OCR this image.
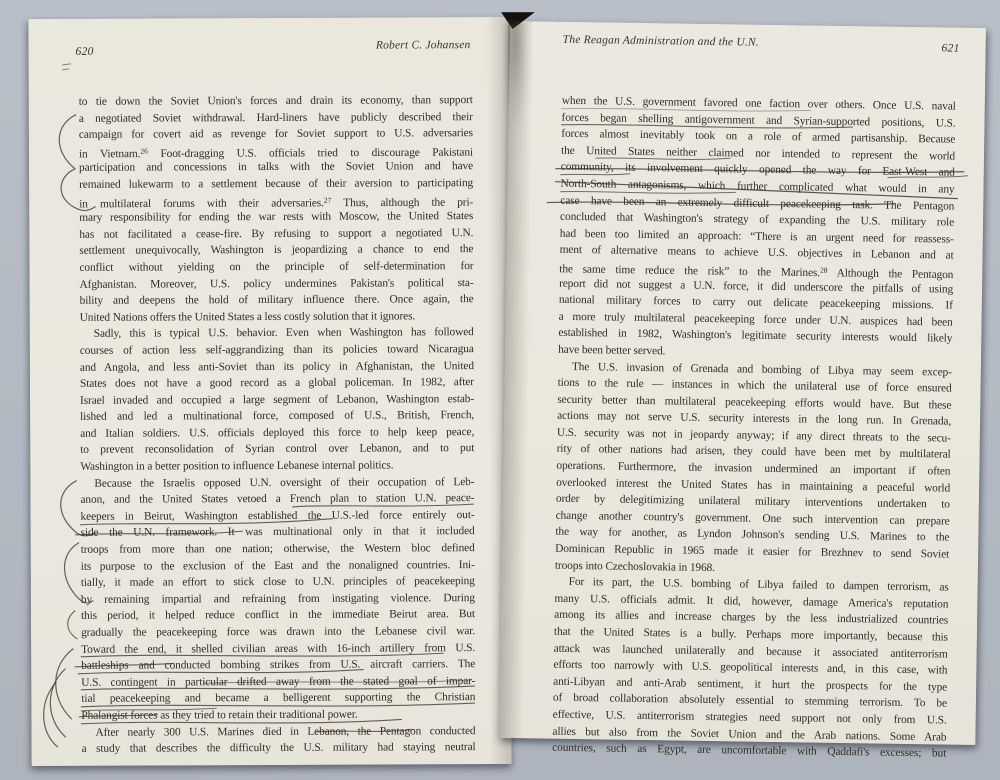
620
Robert C. Johansen
to tie down the Soviet Union's forces and drain its economy, than support
a negotiated Soviet withdrawal. Hard-liners have publicly described their
campaign for covert aid as revenge for Soviet support to U.S. adversaries
in Vietnam.$^{26}$ Foot-dragging U.S. officials tried to discourage Pakistani
participation and concessions in talks with the Soviet Union and have
remained lukewarm to a settlement because of their aversion to participating
in multilateral forums with their adversaries.$^{27}$ Thus, although the pri-
mary responsibility for ending the war rests with Moscow, the United States
has not facilitated a cease-fire. By refusing to support a negotiated U.N.
settlement unequivocally, Washington is jeopardizing a chance to end the
conflict without yielding on the principle of self-determination for
Afghanistan. Moreover, U.S. policy undermines Pakistan's political sta-
bility and deepens the hold of military influence there. Once again, the
United Nations offers the United States a less costly solution that it ignores.
Sadly, this is typical U.S. behavior. Even when Washington has followed
courses of action less self-aggrandizing than its policies toward Nicaragua
and Angola, and less anti-Soviet than its policy in Afghanistan, the United
States does not have a good record as a global policeman. In 1982, after
Israel invaded and occupied a large segment of Lebanon, Washington estab-
lished and led a multinational force, composed of U.S., British, French,
and Italian soldiers. U.S. officials deployed this force to help keep peace,
to prevent reconsolidation of Syrian control over Lebanon, and to put
Washington in a better position to influence Lebanese internal politics.
Because the Israelis opposed U.N. oversight of their occupation of Leb-
anon, and the United States vetoed a French plan to station U.N. peace-
keepers in Beirut, Washington established the U.S.-led force entirely out-
side the U.N. framework. It was multinational only in that it included
troops from more than one nation; otherwise, the Western bloc defined
its purpose to the exclusion of the East and the nonaligned countries. Ini-
tially, it made an effort to stick close to U.N. principles of peacekeeping
by remaining impartial and refraining from instigating violence. During
this period, it helped reduce conflict in the immediate Beirut area. But
gradually the peacekeeping force was drawn into the Lebanese civil war.
Toward the end, it shelled civilian areas with 16-inch artillery from U.S.
battleships and conducted bombing strikes from U.S. aircraft carriers. The
U.S. contingent in particular drifted away from the stated goal of impar-
tial peacekeeping and became a belligerent supporting the Christian
Phalangist forces as they tried to retain their traditional power.
After nearly 300 U.S. Marines died in Lebanon, the Pentagon conducted
a study that describes the difficulty the U.S. military had staying neutral
The Reagan Administration and the U.N.	621
when the U.S. government favored one faction over others. Once U.S. naval
forces began shelling antigovernment and Syrian-supported positions, U.S.
forces almost inevitably took on a role of armed partisanship. Because
the United States neither claimed nor intended to represent the world
community, its involvement quickly opened the way for East-West and
North-South antagonisms, which further complicated what would in any
case have been an extremely difficult peacekeeping task. The Pentagon
concluded that Washington's strategy of expanding the U.S. military role
had been too limited an approach: “There is an urgent need for reassess-
ment of alternative means to achieve U.S. objectives in Lebanon and at
the same time reduce the risk” to the Marines.$^{28}$ Although the Pentagon
report did not suggest a U.N. force, it did underscore the pitfalls of using
national military forces to carry out delicate peacekeeping missions. If
a more truly multilateral peacekeeping force under U.N. auspices had been
established in 1982, Washington's legitimate security interests would likely
have been better served.
The U.S. invasion of Grenada and bombing of Libya may seem excep-
tions to the rule — instances in which the unilateral use of force ensured
security better than multilateral peacekeeping efforts would have. But these
actions may not serve U.S. security interests in the long run. In Grenada,
U.S. security was not in jeopardy anyway; if any direct threats to the secu-
rity of other nations had arisen, they could have been met by multilateral
operations. Furthermore, the invasion undermined an important if often
overlooked interest the United States has in maintaining a peaceful world
order by delegitimizing unilateral military interventions undertaken to
change another country's government. One such intervention can prepare
the way for another, as Lyndon Johnson's sending U.S. Marines to the
Dominican Republic in 1965 made it easier for Brezhnev to send Soviet
troops into Czechoslovakia in 1968.
For its part, the U.S. bombing of Libya failed to dampen terrorism, as
many U.S. officials admit. It did, however, damage America's reputation
among its allies and increase charges by the less industrialized countries
that the United States is a bully. Perhaps more importantly, because this
attack was launched unilaterally and because it associated antiterrorism
efforts too narrowly with U.S. geopolitical interests and, in this case, with
anti-Libyan and anti-Arab sentiment, it hurt the prospects for the type
of broad collaboration absolutely essential to stemming terrorism. To be
effective, U.S. antiterrorism strategies need support not only from U.S.
allies but also from the Soviet Union and the Arab nations. Some Arab
countries, such as Egypt, are uncomfortable with Qaddafi's excesses; but
